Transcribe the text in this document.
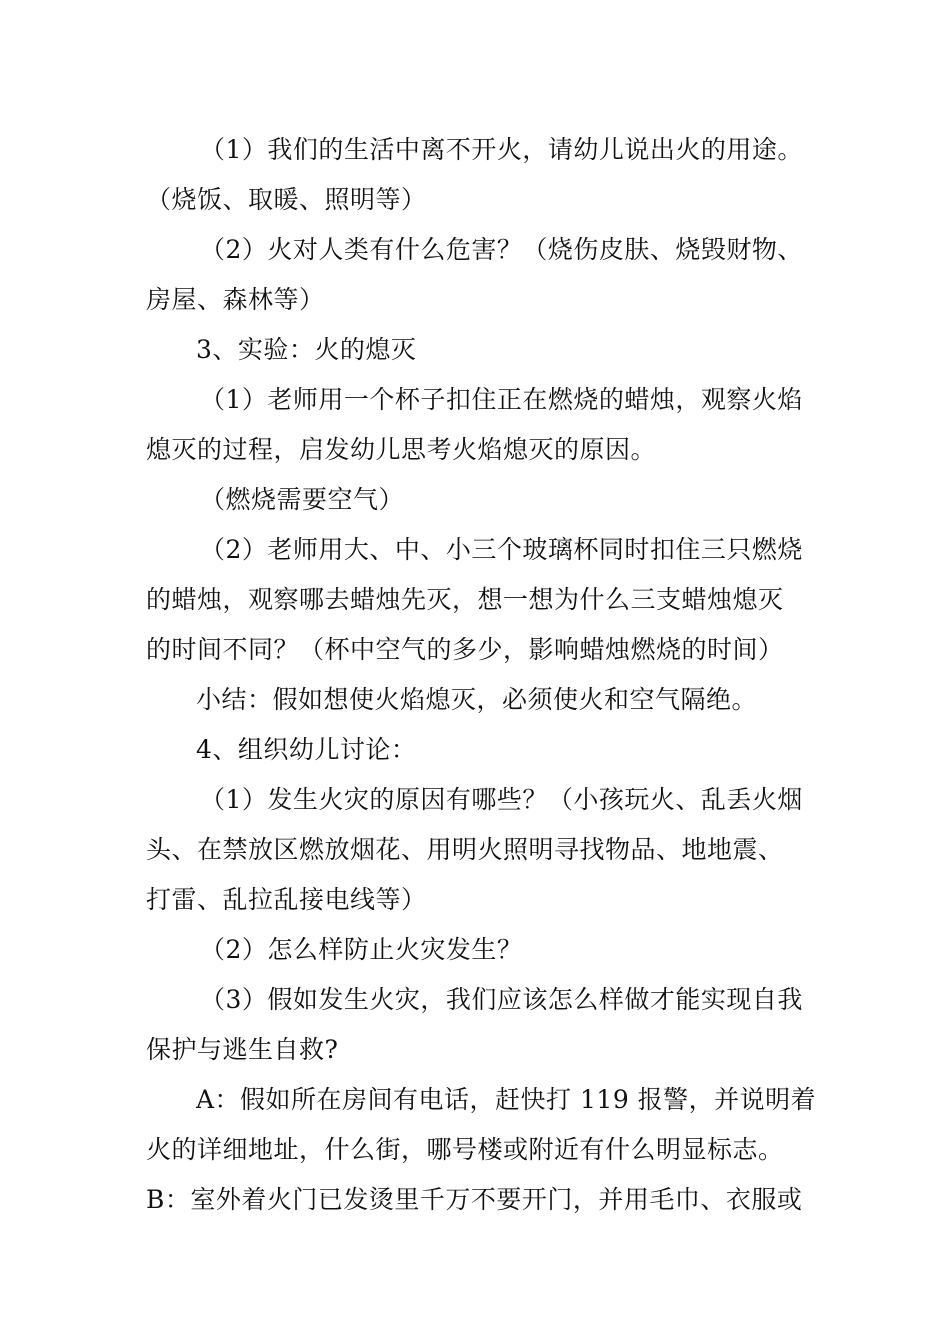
（1）我们的生活中离不开火，请幼儿说出火的用途。
（烧饭、取暖、照明等）
（2）火对人类有什么危害？（烧伤皮肤、烧毁财物、
房屋、森林等）
3、实验：火的熄灭
（1）老师用一个杯子扣住正在燃烧的蜡烛，观察火焰
熄灭的过程，启发幼儿思考火焰熄灭的原因。
（燃烧需要空气）
（2）老师用大、中、小三个玻璃杯同时扣住三只燃烧
的蜡烛，观察哪去蜡烛先灭，想一想为什么三支蜡烛熄灭
的时间不同？（杯中空气的多少，影响蜡烛燃烧的时间）
小结：假如想使火焰熄灭，必须使火和空气隔绝。
4、组织幼儿讨论：
（1）发生火灾的原因有哪些？（小孩玩火、乱丢火烟
头、在禁放区燃放烟花、用明火照明寻找物品、地地震、
打雷、乱拉乱接电线等）
（2）怎么样防止火灾发生？
（3）假如发生火灾，我们应该怎么样做才能实现自我
保护与逃生自救?
A：假如所在房间有电话，赶快打 119 报警，并说明着
火的详细地址，什么街，哪号楼或附近有什么明显标志。
B：室外着火门已发烫里千万不要开门，并用毛巾、衣服或
